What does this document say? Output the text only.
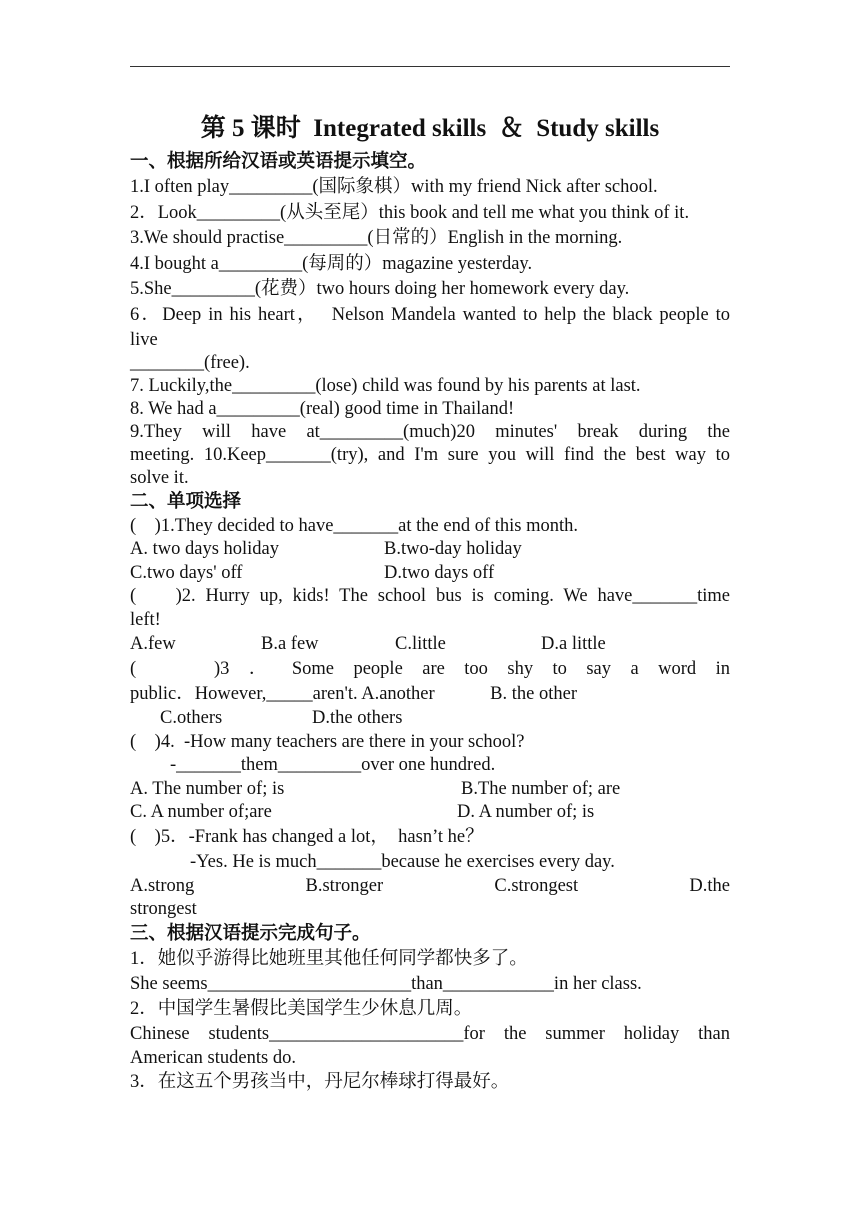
第 5 课时  Integrated skills  ＆  Study skills
一、根据所给汉语或英语提示填空。
1.I often play_________(国际象棋）with my friend Nick after school.
2．Look_________(从头至尾）this book and tell me what you think of it.
3.We should practise_________(日常的）English in the morning.
4.I bought a_________(每周的）magazine yesterday.
5.She_________(花费）two hours doing her homework every day.
6．Deep in his heart，  Nelson Mandela wanted to help the black people to
live
________(free).
7. Luckily,the_________(lose) child was found by his parents at last.
8. We had a_________(real) good time in Thailand!
9.They  will  have  at_________(much)20  minutes'  break  during  the
meeting. 10.Keep_______(try), and I'm sure you will find the best way to
solve it.
二、单项选择
(    )1.They decided to have_______at the end of this month.
A. two days holiday	B.two-day holiday
C.two days' off	D.two days off
(    )2. Hurry up, kids! The school bus is coming. We have_______time
left!
A.few	B.a few	C.little	D.a little
(        )3  ．  Some  people  are  too  shy  to  say  a  word  in
public．However,_____aren't. A.another            B. the other
C.others	D.the others
(    )4.  -How many teachers are there in your school?
-_______them_________over one hundred.
A. The number of; is	B.The number of; are
C. A number of;are	D. A number of; is
(    )5．-Frank has changed a lot，  hasn’t he？
-Yes. He is much_______because he exercises every day.
A.strong	B.stronger	C.strongest	D.the
strongest
三、根据汉语提示完成句子。
1．她似乎游得比她班里其他任何同学都快多了。
She seems______________________than____________in her class.
2．中国学生暑假比美国学生少休息几周。
Chinese  students_____________________for  the  summer  holiday  than
American students do.
3．在这五个男孩当中，丹尼尔棒球打得最好。
